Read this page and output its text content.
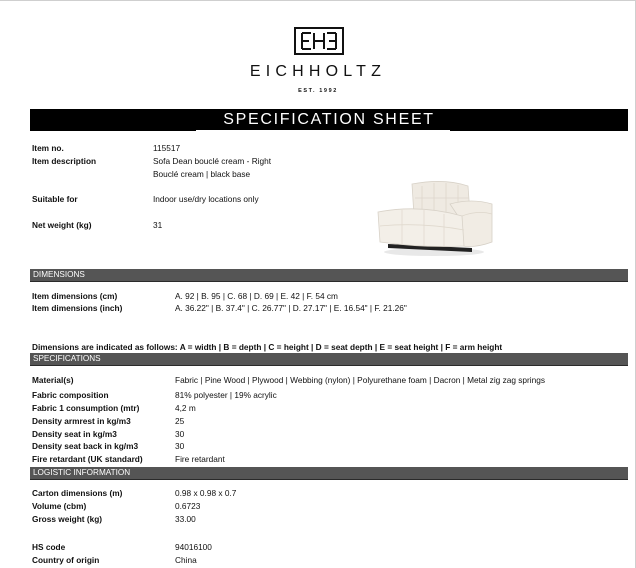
EICHHOLTZ
EST. 1992
SPECIFICATION SHEET
Item no.	115517
Item description	Sofa Dean bouclé cream - Right
Bouclé cream | black base
Suitable for	Indoor use/dry locations only
Net weight (kg)	31
DIMENSIONS
Item dimensions (cm)	A. 92 | B. 95 | C. 68 | D. 69 | E. 42 | F. 54 cm
Item dimensions (inch)	A. 36.22" | B. 37.4" | C. 26.77" | D. 27.17" | E. 16.54" | F. 21.26"
Dimensions are indicated as follows: A = width | B = depth | C = height | D = seat depth | E = seat height | F = arm height
SPECIFICATIONS
Material(s)	Fabric | Pine Wood | Plywood | Webbing (nylon) | Polyurethane foam | Dacron | Metal zig zag springs
Fabric composition	81% polyester | 19% acrylic
Fabric 1 consumption (mtr)	4,2 m
Density armrest in kg/m3	25
Density seat in kg/m3	30
Density seat back in kg/m3	30
Fire retardant (UK standard)	Fire retardant
LOGISTIC INFORMATION
Carton dimensions (m)	0.98 x 0.98 x 0.7
Volume (cbm)	0.6723
Gross weight (kg)	33.00
HS code	94016100
Country of origin	China
